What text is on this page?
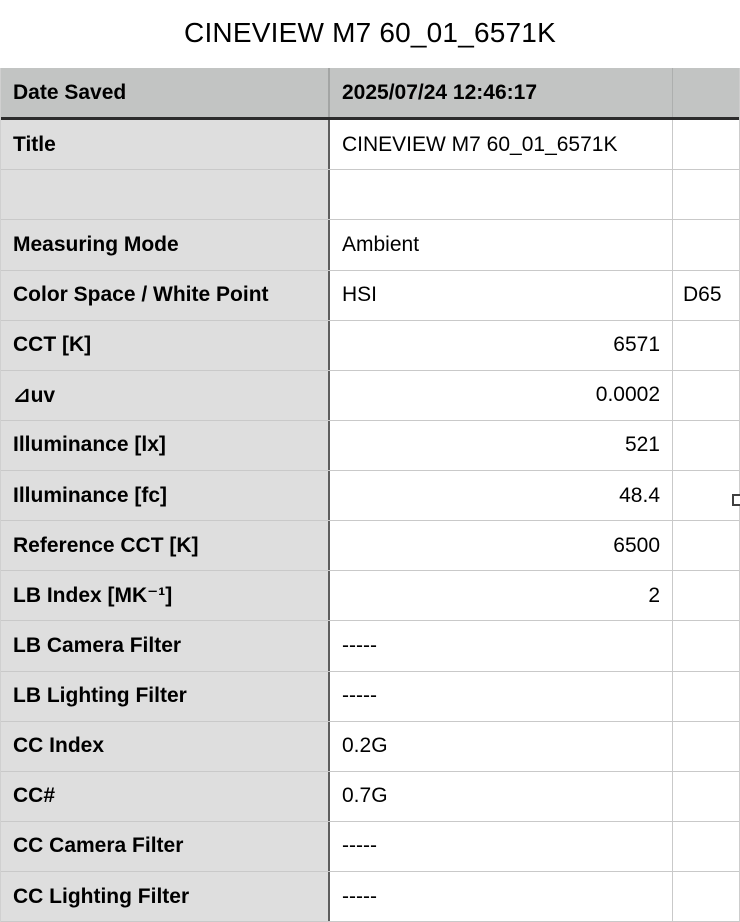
CINEVIEW M7 60_01_6571K
Date Saved	2025/07/24 12:46:17
Title	CINEVIEW M7 60_01_6571K
Measuring Mode	Ambient
Color Space / White Point	HSI	D65
CCT [K]	6571
⊿uv	0.0002
Illuminance [lx]	521
Illuminance [fc]	48.4
Reference CCT [K]	6500
LB Index [MK⁻¹]	2
LB Camera Filter	-----
LB Lighting Filter	-----
CC Index	0.2G
CC#	0.7G
CC Camera Filter	-----
CC Lighting Filter	-----
